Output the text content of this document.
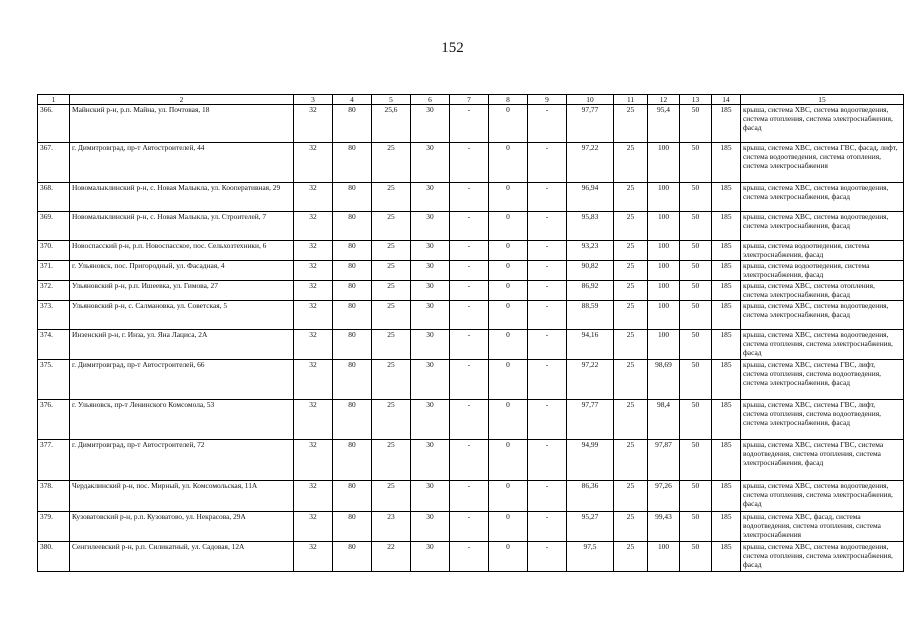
152
1	2	3	4	5	6	7	8	9	10	11	12	13	14	15
366.	Майнский р-н, р.п. Майна, ул. Почтовая, 18	32	80	25,6	30	-	0	-	97,77	25	95,4	50	185	крыша, система ХВС, система водоотведения, система отопления, система электроснабжения, фасад
367.	г. Димитровград, пр-т Автостроителей, 44	32	80	25	30	-	0	-	97,22	25	100	50	185	крыша, система ХВС, система ГВС, фасад, лифт, система водоотведения, система отопления, система электроснабжения
368.	Новомалыклинский р-н, с. Новая Малыкла, ул. Кооперативная, 29	32	80	25	30	-	0	-	96,94	25	100	50	185	крыша, система ХВС, система водоотведения, система электроснабжения, фасад
369.	Новомалыклинский р-н, с. Новая Малыкла, ул. Строителей, 7	32	80	25	30	-	0	-	95,83	25	100	50	185	крыша, система ХВС, система водоотведения, система электроснабжения, фасад
370.	Новоспасский р-н, р.п. Новоспасское, пос. Сельхозтехники, 6	32	80	25	30	-	0	-	93,23	25	100	50	185	крыша, система водоотведения, система электроснабжения, фасад
371.	г. Ульяновск, пос. Пригородный, ул. Фасадная, 4	32	80	25	30	-	0	-	90,82	25	100	50	185	крыша, система водоотведения, система электроснабжения, фасад
372.	Ульяновский р-н, р.п. Ишеевка, ул. Гимова, 27	32	80	25	30	-	0	-	86,92	25	100	50	185	крыша, система ХВС, система отопления, система электроснабжения, фасад
373.	Ульяновский р-н, с. Салмановка, ул. Советская, 5	32	80	25	30	-	0	-	88,59	25	100	50	185	крыша, система ХВС, система водоотведения, система электроснабжения, фасад
374.	Инзенский р-н, г. Инза, ул. Яна Лациса, 2А	32	80	25	30	-	0	-	94,16	25	100	50	185	крыша, система ХВС, система водоотведения, система отопления, система электроснабжения, фасад
375.	г. Димитровград, пр-т Автостроителей, 66	32	80	25	30	-	0	-	97,22	25	98,69	50	185	крыша, система ХВС, система ГВС, лифт, система отопления, система водоотведения, система электроснабжения, фасад
376.	г. Ульяновск, пр-т Ленинского Комсомола, 53	32	80	25	30	-	0	-	97,77	25	98,4	50	185	крыша, система ХВС, система ГВС, лифт, система отопления, система водоотведения, система электроснабжения, фасад
377.	г. Димитровград, пр-т Автостроителей, 72	32	80	25	30	-	0	-	94,99	25	97,87	50	185	крыша, система ХВС, система ГВС, система водоотведения, система отопления, система электроснабжения, фасад
378.	Чердаклинский р-н, пос. Мирный, ул. Комсомольская, 11А	32	80	25	30	-	0	-	86,36	25	97,26	50	185	крыша, система ХВС, система водоотведения, система отопления, система электроснабжения, фасад
379.	Кузоватовский р-н, р.п. Кузоватово, ул. Некрасова, 29А	32	80	23	30	-	0	-	95,27	25	99,43	50	185	крыша, система ХВС, фасад, система водоотведения, система отопления, система электроснабжения
380.	Сенгилеевский р-н, р.п. Силикатный, ул. Садовая, 12А	32	80	22	30	-	0	-	97,5	25	100	50	185	крыша, система ХВС, система водоотведения, система отопления, система электроснабжения, фасад
